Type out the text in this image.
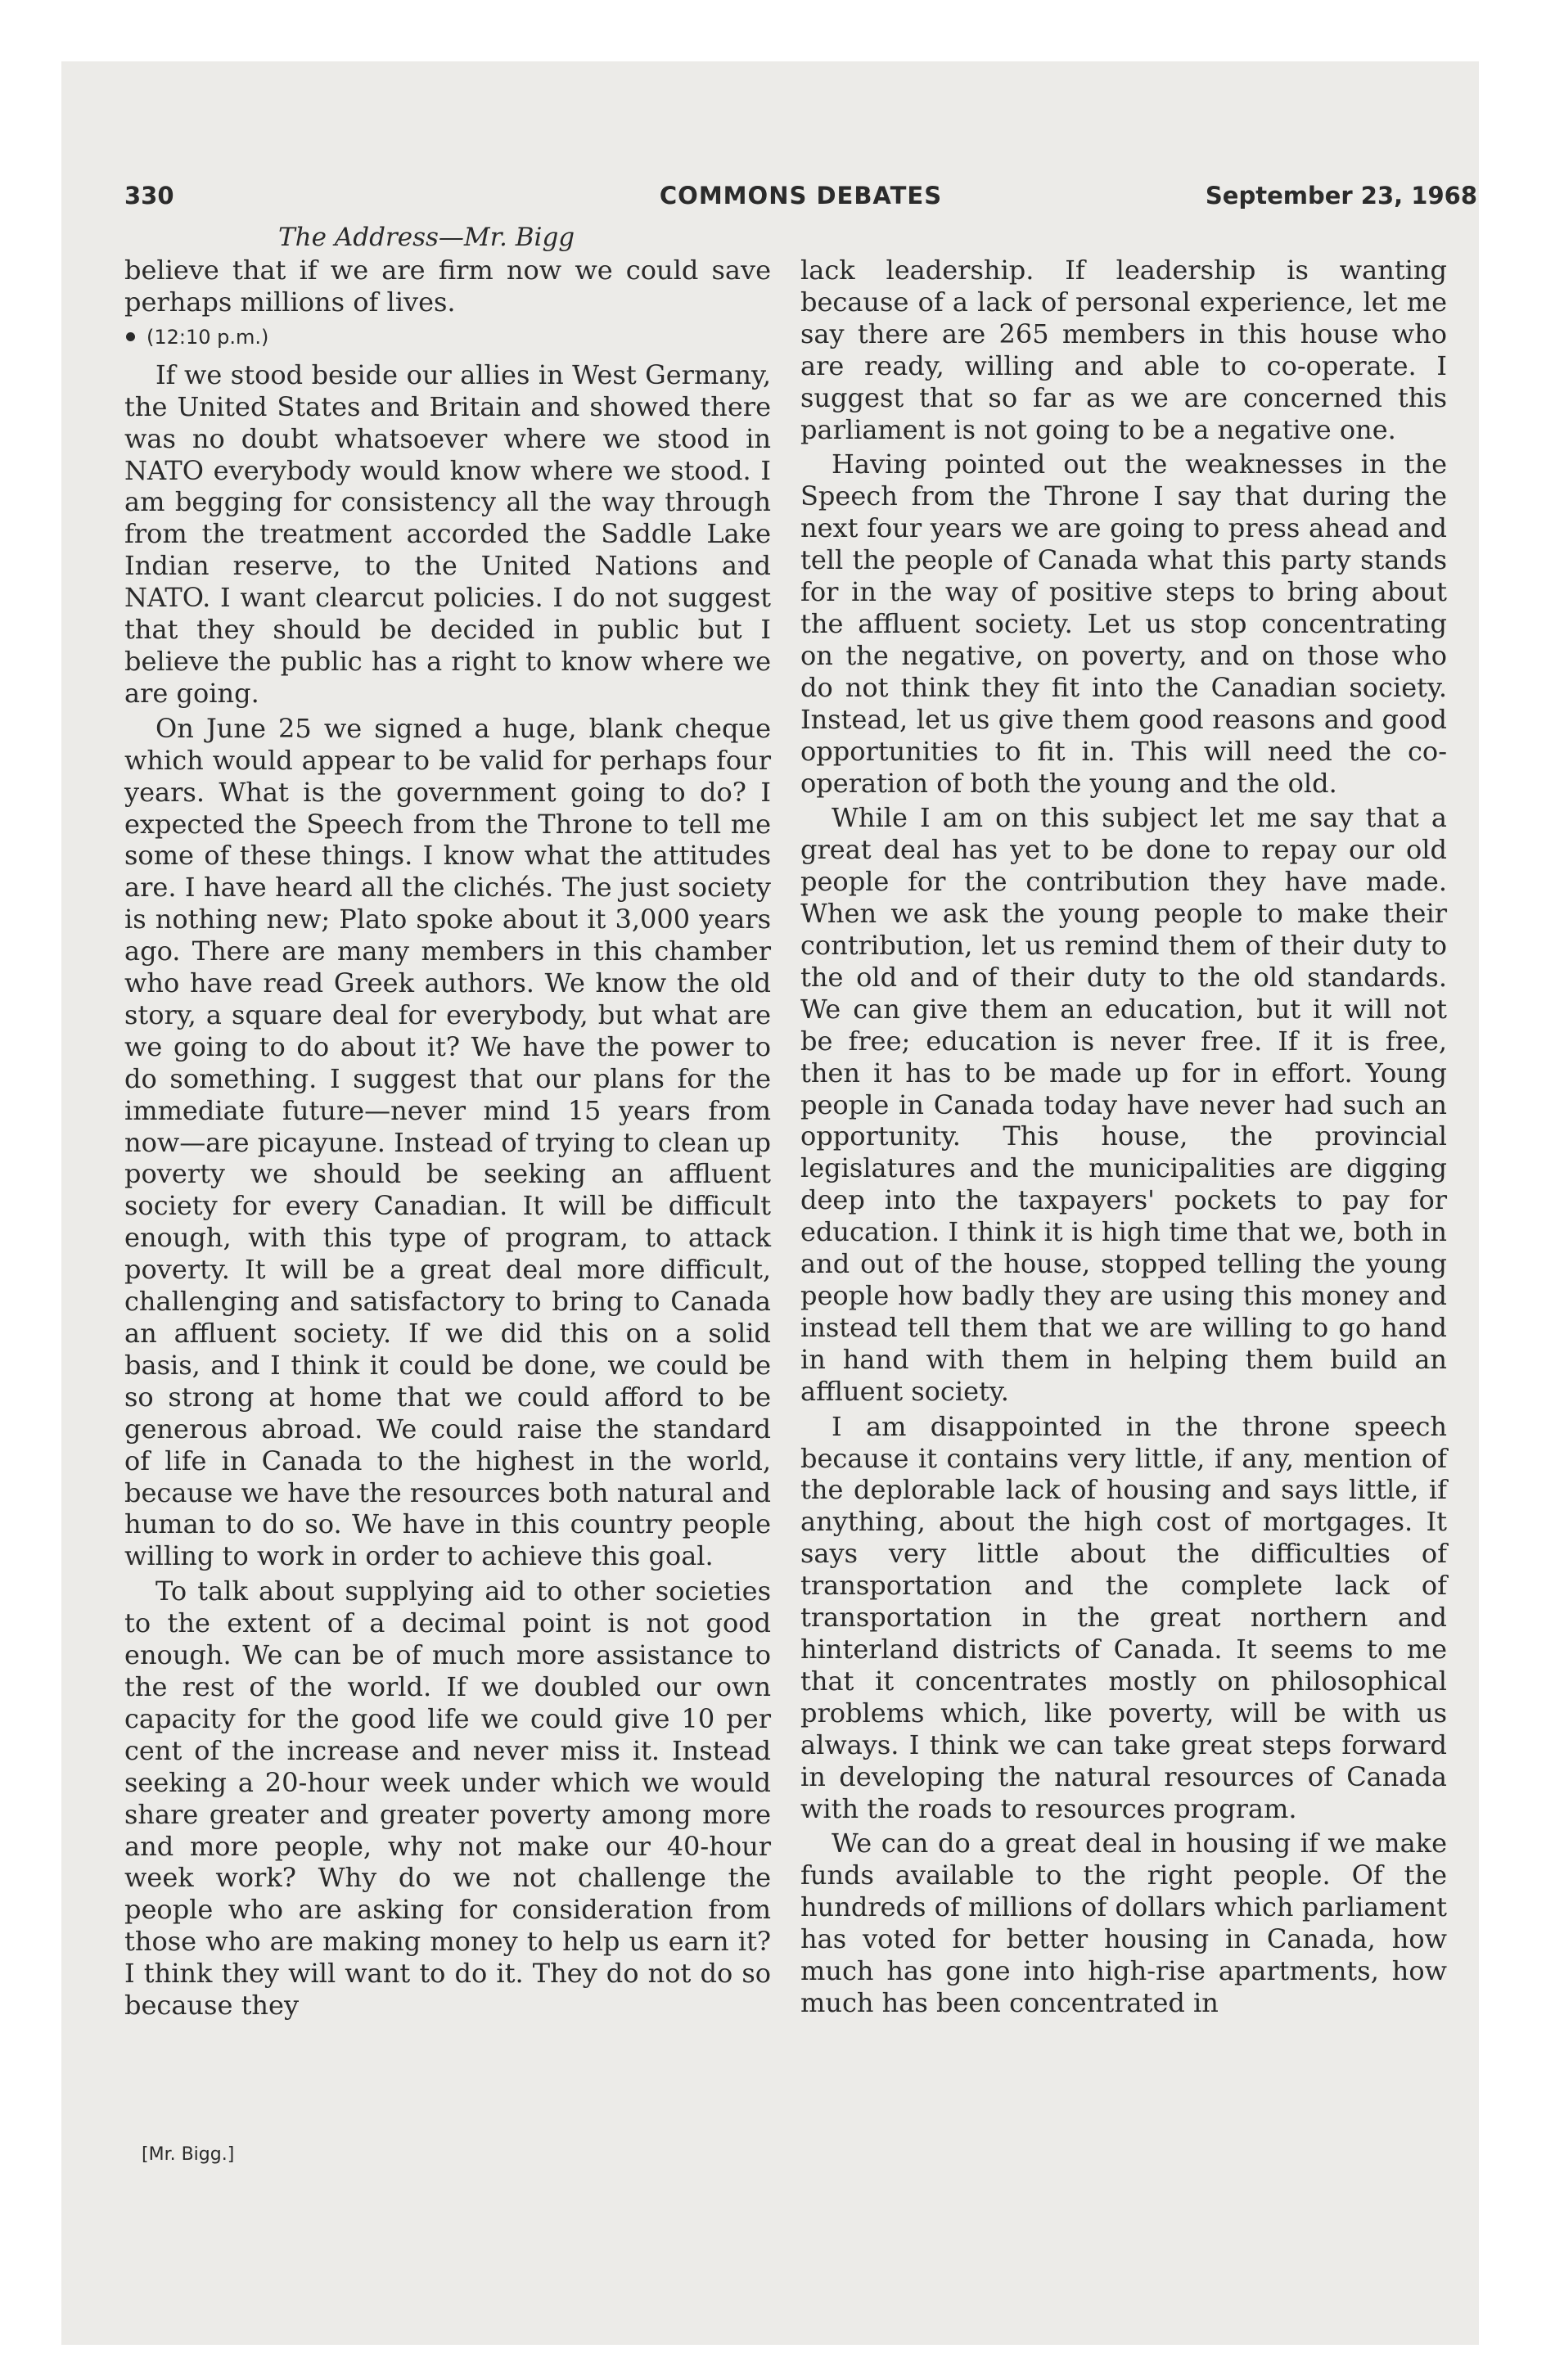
330	COMMONS DEBATES	September 23, 1968
The Address—Mr. Bigg

believe that if we are firm now we could save perhaps millions of lives.

(12:10 p.m.)

If we stood beside our allies in West Germany, the United States and Britain and showed there was no doubt whatsoever where we stood in NATO everybody would know where we stood. I am begging for consistency all the way through from the treatment accorded the Saddle Lake Indian reserve, to the United Nations and NATO. I want clearcut policies. I do not suggest that they should be decided in public but I believe the public has a right to know where we are going.

On June 25 we signed a huge, blank cheque which would appear to be valid for perhaps four years. What is the government going to do? I expected the Speech from the Throne to tell me some of these things. I know what the attitudes are. I have heard all the clichés. The just society is nothing new; Plato spoke about it 3,000 years ago. There are many members in this chamber who have read Greek authors. We know the old story, a square deal for everybody, but what are we going to do about it? We have the power to do something. I suggest that our plans for the immediate future—never mind 15 years from now—are picayune. Instead of trying to clean up poverty we should be seeking an affluent society for every Canadian. It will be difficult enough, with this type of program, to attack poverty. It will be a great deal more difficult, challenging and satisfactory to bring to Canada an affluent society. If we did this on a solid basis, and I think it could be done, we could be so strong at home that we could afford to be generous abroad. We could raise the standard of life in Canada to the highest in the world, because we have the resources both natural and human to do so. We have in this country people willing to work in order to achieve this goal.

To talk about supplying aid to other societies to the extent of a decimal point is not good enough. We can be of much more assistance to the rest of the world. If we doubled our own capacity for the good life we could give 10 per cent of the increase and never miss it. Instead seeking a 20-hour week under which we would share greater and greater poverty among more and more people, why not make our 40-hour week work? Why do we not challenge the people who are asking for consideration from those who are making money to help us earn it? I think they will want to do it. They do not do so because they

[Mr. Bigg.]

lack leadership. If leadership is wanting because of a lack of personal experience, let me say there are 265 members in this house who are ready, willing and able to co-operate. I suggest that so far as we are concerned this parliament is not going to be a negative one.

Having pointed out the weaknesses in the Speech from the Throne I say that during the next four years we are going to press ahead and tell the people of Canada what this party stands for in the way of positive steps to bring about the affluent society. Let us stop concentrating on the negative, on poverty, and on those who do not think they fit into the Canadian society. Instead, let us give them good reasons and good opportunities to fit in. This will need the co-operation of both the young and the old.

While I am on this subject let me say that a great deal has yet to be done to repay our old people for the contribution they have made. When we ask the young people to make their contribution, let us remind them of their duty to the old and of their duty to the old standards. We can give them an education, but it will not be free; education is never free. If it is free, then it has to be made up for in effort. Young people in Canada today have never had such an opportunity. This house, the provincial legislatures and the municipalities are digging deep into the taxpayers' pockets to pay for education. I think it is high time that we, both in and out of the house, stopped telling the young people how badly they are using this money and instead tell them that we are willing to go hand in hand with them in helping them build an affluent society.

I am disappointed in the throne speech because it contains very little, if any, mention of the deplorable lack of housing and says little, if anything, about the high cost of mortgages. It says very little about the difficulties of transportation and the complete lack of transportation in the great northern and hinterland districts of Canada. It seems to me that it concentrates mostly on philosophical problems which, like poverty, will be with us always. I think we can take great steps forward in developing the natural resources of Canada with the roads to resources program.

We can do a great deal in housing if we make funds available to the right people. Of the hundreds of millions of dollars which parliament has voted for better housing in Canada, how much has gone into high-rise apartments, how much has been concentrated in
